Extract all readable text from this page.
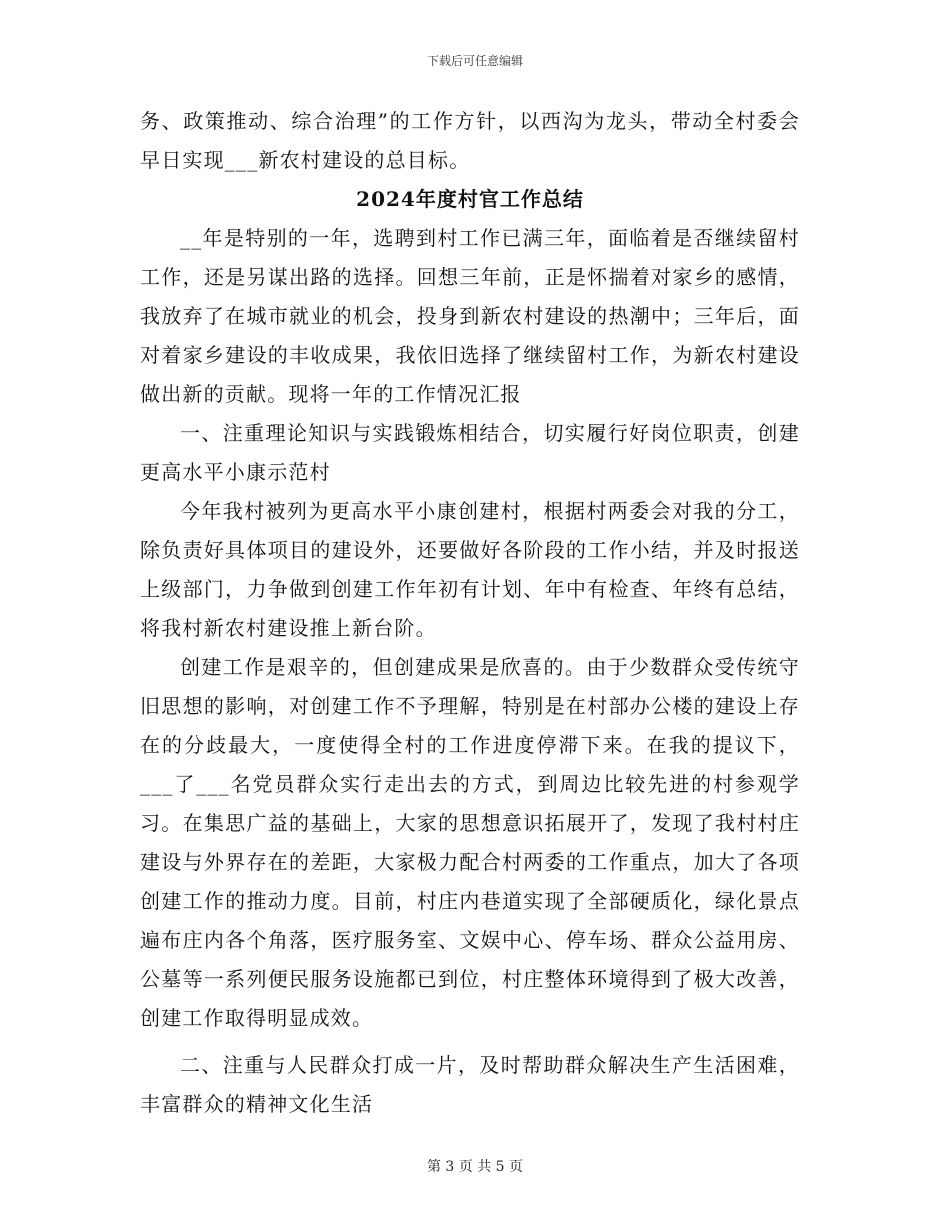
下载后可任意编辑

务、政策推动、综合治理”的工作方针，以西沟为龙头，带动全村委会早日实现___新农村建设的总目标。

2024年度村官工作总结

__年是特别的一年，选聘到村工作已满三年，面临着是否继续留村工作，还是另谋出路的选择。回想三年前，正是怀揣着对家乡的感情，我放弃了在城市就业的机会，投身到新农村建设的热潮中；三年后，面对着家乡建设的丰收成果，我依旧选择了继续留村工作，为新农村建设做出新的贡献。现将一年的工作情况汇报

一、注重理论知识与实践锻炼相结合，切实履行好岗位职责，创建更高水平小康示范村

今年我村被列为更高水平小康创建村，根据村两委会对我的分工，除负责好具体项目的建设外，还要做好各阶段的工作小结，并及时报送上级部门，力争做到创建工作年初有计划、年中有检查、年终有总结，将我村新农村建设推上新台阶。

创建工作是艰辛的，但创建成果是欣喜的。由于少数群众受传统守旧思想的影响，对创建工作不予理解，特别是在村部办公楼的建设上存在的分歧最大，一度使得全村的工作进度停滞下来。在我的提议下，___了___名党员群众实行走出去的方式，到周边比较先进的村参观学习。在集思广益的基础上，大家的思想意识拓展开了，发现了我村村庄建设与外界存在的差距，大家极力配合村两委的工作重点，加大了各项创建工作的推动力度。目前，村庄内巷道实现了全部硬质化，绿化景点遍布庄内各个角落，医疗服务室、文娱中心、停车场、群众公益用房、公墓等一系列便民服务设施都已到位，村庄整体环境得到了极大改善，创建工作取得明显成效。

二、注重与人民群众打成一片，及时帮助群众解决生产生活困难，丰富群众的精神文化生活

第 3 页 共 5 页
